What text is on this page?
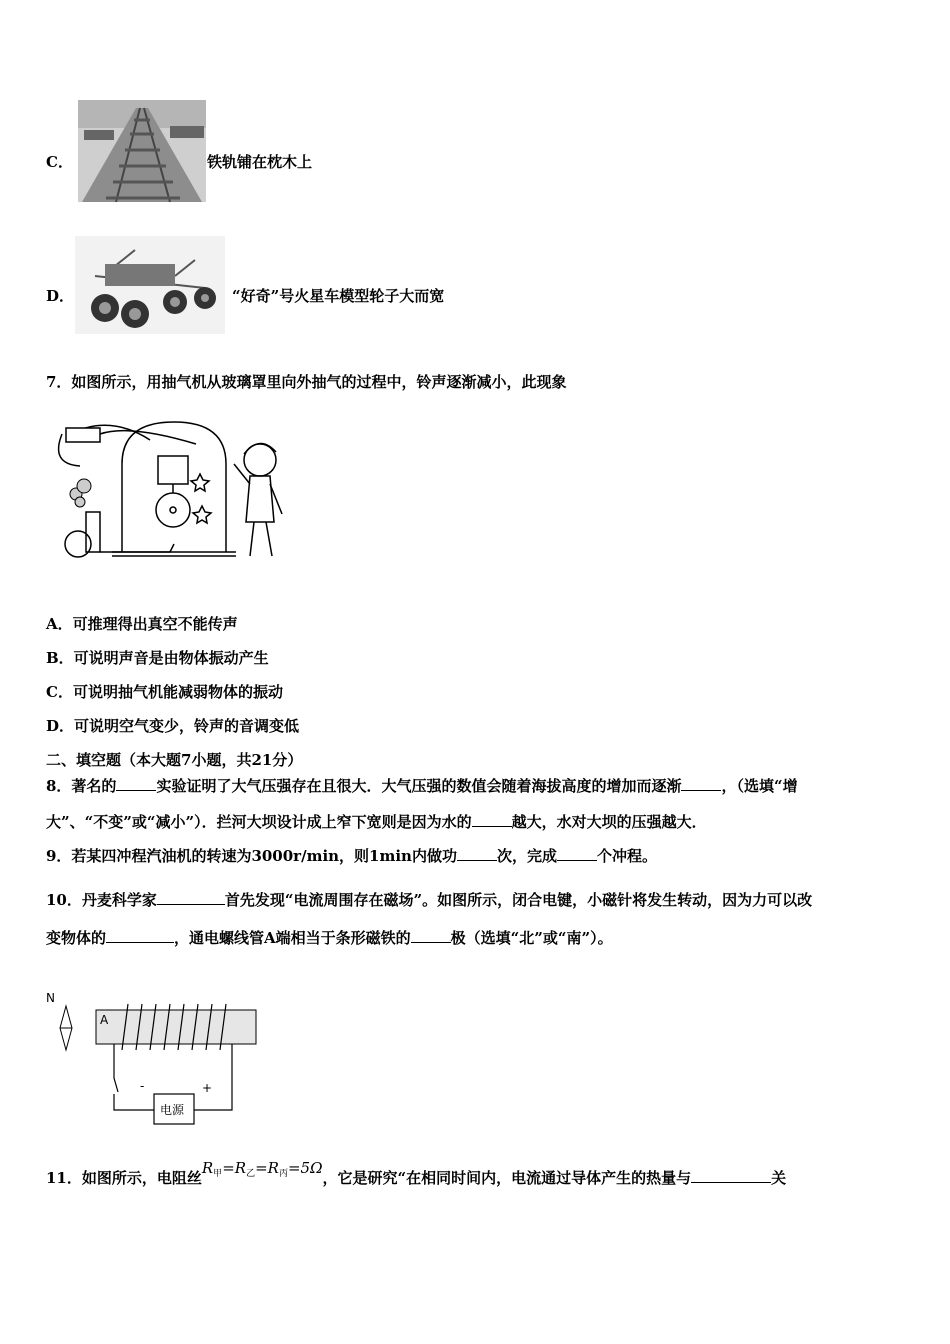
C．	铁轨铺在枕木上
D．	“好奇”号火星车模型轮子大而宽
7．如图所示，用抽气机从玻璃罩里向外抽气的过程中，铃声逐渐减小，此现象
A．可推理得出真空不能传声
B．可说明声音是由物体振动产生
C．可说明抽气机能减弱物体的振动
D．可说明空气变少，铃声的音调变低
二、填空题（本大题7小题，共21分）
8．著名的	实验证明了大气压强存在且很大．大气压强的数值会随着海拔高度的增加而逐渐	，（选填“增
大”、“不变”或“减小”）．拦河大坝设计成上窄下宽则是因为水的	越大，水对大坝的压强越大．
9．若某四冲程汽油机的转速为3000r/min，则1min内做功	次，完成	个冲程。
10．丹麦科学家	首先发现“电流周围存在磁场”。如图所示，闭合电键，小磁针将发生转动，因为力可以改
变物体的	，通电螺线管A端相当于条形磁铁的	极（选填“北”或“南”）。
N
A
电源
-	+
11．如图所示，电阻丝$R_甲=R_乙=R_丙=5\Omega$，它是研究“在相同时间内，电流通过导体产生的热量与	关
